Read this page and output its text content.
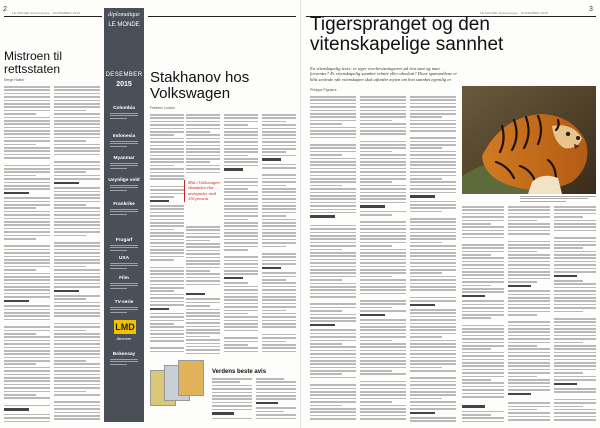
2	3
LE MONDE diplomatique · NOVEMBER 2015	LE MONDE diplomatique · NOVEMBER 2015
Mistroen til rettsstaten
Serge Halimi
diplomatique
LE MONDE
DESEMBER
2015
Colombia
Indonesia
Myanmar
Usynlige vold
Frankrike
Frugarf
USA
Film
TV-serie
Bokessay
LMD
Abonner
Stakhanov hos Volkswagen
Frédéric Lordon
Mitt i Volkswagen-skandalen ekte utviegnsler med 110 prosent
Verdens beste avis
Tigerspranget og den vitenskapelige sannhet
En vitenskapelig teori: er tiger overbevisningsvert på hva sant og man forventer? Er vitenskapelig sannhet relativ eller absolutt? Disse spørsmålene er blitt sentrale når vitenskapen skal utfordre myten om hva sannhet egentlig er.
Philippe Pignarre
